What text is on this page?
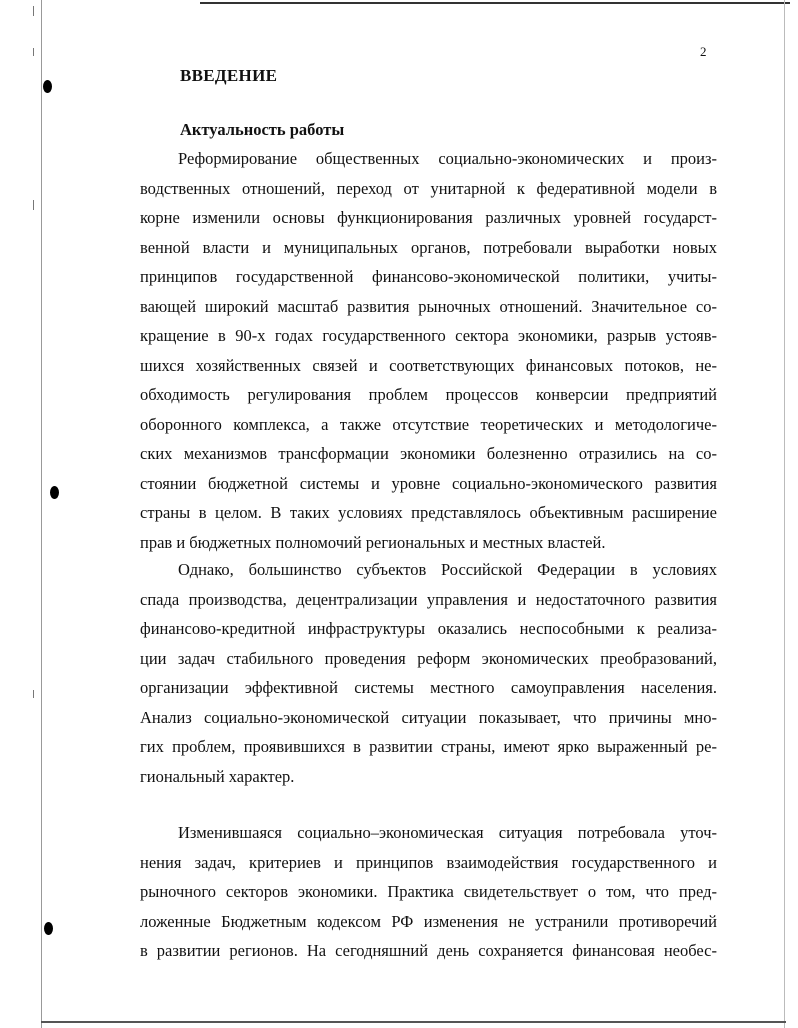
2
ВВЕДЕНИЕ
Актуальность работы
Реформирование общественных социально-экономических и произ-
водственных отношений, переход от унитарной к федеративной модели в
корне изменили основы функционирования различных уровней государст-
венной власти и муниципальных органов, потребовали выработки новых
принципов государственной финансово-экономической политики, учиты-
вающей широкий масштаб развития рыночных отношений. Значительное со-
кращение в 90-х годах государственного сектора экономики, разрыв устояв-
шихся хозяйственных связей и соответствующих финансовых потоков, не-
обходимость регулирования проблем процессов конверсии предприятий
оборонного комплекса, а также отсутствие теоретических и методологиче-
ских механизмов трансформации экономики болезненно отразились на со-
стоянии бюджетной системы и уровне социально-экономического развития
страны в целом. В таких условиях представлялось объективным расширение
прав и бюджетных полномочий региональных и местных властей.
Однако, большинство субъектов Российской Федерации в условиях
спада производства, децентрализации управления и недостаточного развития
финансово-кредитной инфраструктуры оказались неспособными к реализа-
ции задач стабильного проведения реформ экономических преобразований,
организации эффективной системы местного самоуправления населения.
Анализ социально-экономической ситуации показывает, что причины мно-
гих проблем, проявившихся в развитии страны, имеют ярко выраженный ре-
гиональный характер.
Изменившаяся социально–экономическая ситуация потребовала уточ-
нения задач, критериев и принципов взаимодействия государственного и
рыночного секторов экономики. Практика свидетельствует о том, что пред-
ложенные Бюджетным кодексом РФ изменения не устранили противоречий
в развитии регионов. На сегодняшний день сохраняется финансовая необес-
